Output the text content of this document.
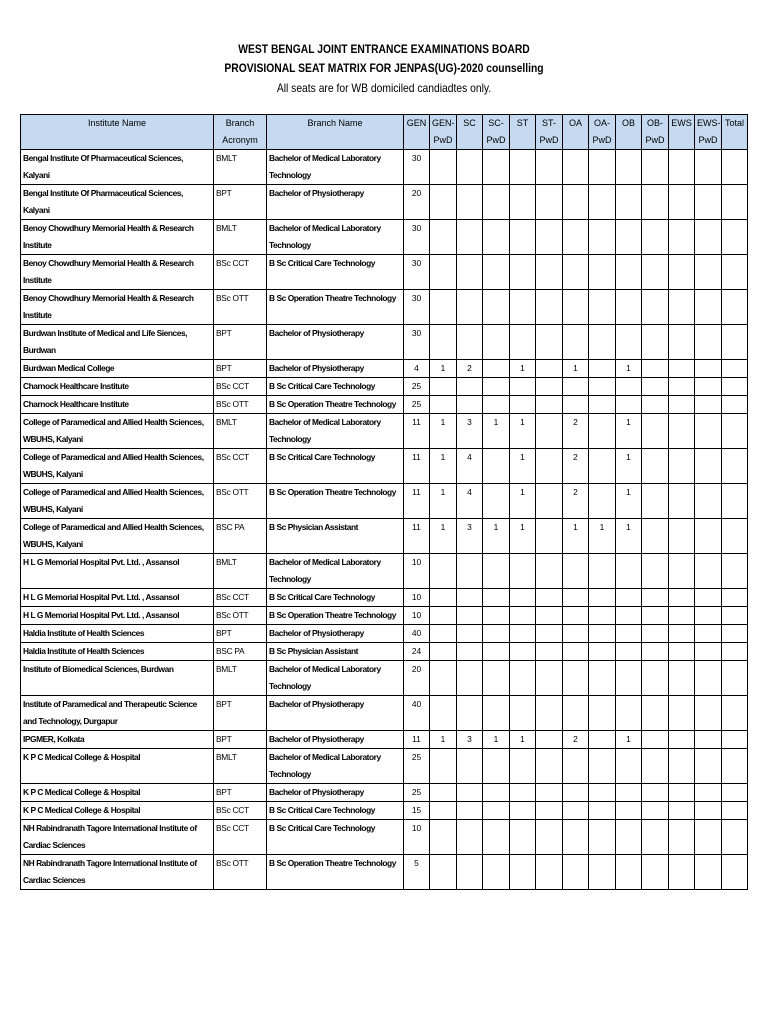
WEST BENGAL JOINT ENTRANCE EXAMINATIONS BOARD
PROVISIONAL SEAT MATRIX FOR JENPAS(UG)-2020 counselling
All seats are for WB domiciled candiadtes only.
Institute Name	Branch Acronym	Branch Name	GEN	GEN-PwD	SC	SC-PwD	ST	ST-PwD	OA	OA-PwD	OB	OB-PwD	EWS	EWS-PwD	Total	
Bengal Institute Of Pharmaceutical Sciences, Kalyani	BMLT	Bachelor of Medical Laboratory Technology	30													
Bengal Institute Of Pharmaceutical Sciences, Kalyani	BPT	Bachelor of Physiotherapy	20													
Benoy Chowdhury Memorial Health & Research Institute	BMLT	Bachelor of Medical Laboratory Technology	30													
Benoy Chowdhury Memorial Health & Research Institute	BSc CCT	B Sc Critical Care Technology	30													
Benoy Chowdhury Memorial Health & Research Institute	BSc OTT	B Sc Operation Theatre Technology	30													
Burdwan Institute of Medical and Life Siences, Burdwan	BPT	Bachelor of Physiotherapy	30													
Burdwan Medical College	BPT	Bachelor of Physiotherapy	4	1	2		1		1		1					
Charnock Healthcare Institute	BSc CCT	B Sc Critical Care Technology	25													
Charnock Healthcare Institute	BSc OTT	B Sc Operation Theatre Technology	25													
College of Paramedical and Allied Health Sciences, WBUHS, Kalyani	BMLT	Bachelor of Medical Laboratory Technology	11	1	3	1	1		2		1					
College of Paramedical and Allied Health Sciences, WBUHS, Kalyani	BSc CCT	B Sc Critical Care Technology	11	1	4		1		2		1					
College of Paramedical and Allied Health Sciences, WBUHS, Kalyani	BSc OTT	B Sc Operation Theatre Technology	11	1	4		1		2		1					
College of Paramedical and Allied Health Sciences, WBUHS, Kalyani	BSC PA	B Sc Physician Assistant	11	1	3	1	1		1	1	1					
H L G Memorial Hospital Pvt. Ltd. , Assansol	BMLT	Bachelor of Medical Laboratory Technology	10													
H L G Memorial Hospital Pvt. Ltd. , Assansol	BSc CCT	B Sc Critical Care Technology	10													
H L G Memorial Hospital Pvt. Ltd. , Assansol	BSc OTT	B Sc Operation Theatre Technology	10													
Haldia Institute of Health Sciences	BPT	Bachelor of Physiotherapy	40													
Haldia Institute of Health Sciences	BSC PA	B Sc Physician Assistant	24													
Institute of Biomedical Sciences, Burdwan	BMLT	Bachelor of Medical Laboratory Technology	20													
Institute of Paramedical and Therapeutic Science and Technology, Durgapur	BPT	Bachelor of Physiotherapy	40													
IPGMER, Kolkata	BPT	Bachelor of Physiotherapy	11	1	3	1	1		2		1					
K P C Medical College & Hospital	BMLT	Bachelor of Medical Laboratory Technology	25													
K P C Medical College & Hospital	BPT	Bachelor of Physiotherapy	25													
K P C Medical College & Hospital	BSc CCT	B Sc Critical Care Technology	15													
NH Rabindranath Tagore International Institute of Cardiac Sciences	BSc CCT	B Sc Critical Care Technology	10													
NH Rabindranath Tagore International Institute of Cardiac Sciences	BSc OTT	B Sc Operation Theatre Technology	5													
